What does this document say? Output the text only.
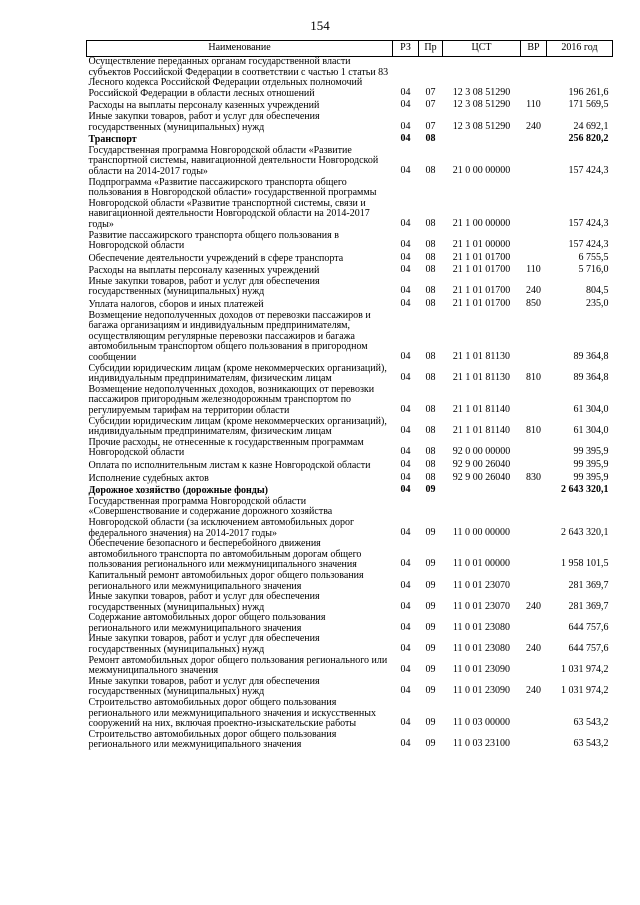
154
Наименование	РЗ	Пр	ЦСТ	ВР	2016 год
Осуществление переданных органам государственной власти субъектов Российской Федерации в соответствии с частью 1 статьи 83 Лесного кодекса Российской Федерации отдельных полномочий Российской Федерации в области лесных отношений	04	07	12 3 08 51290		196 261,6
Расходы на выплаты персоналу казенных учреждений	04	07	12 3 08 51290	110	171 569,5
Иные закупки товаров, работ и услуг для обеспечения государственных (муниципальных) нужд	04	07	12 3 08 51290	240	24 692,1
Транспорт	04	08			256 820,2
Государственная программа Новгородской области «Развитие транспортной системы, навигационной деятельности Новгородской области на 2014-2017 годы»	04	08	21 0 00 00000		157 424,3
Подпрограмма «Развитие пассажирского транспорта общего пользования в Новгородской области» государственной программы Новгородской области «Развитие транспортной системы, связи и навигационной деятельности Новгородской области на 2014-2017 годы»	04	08	21 1 00 00000		157 424,3
Развитие пассажирского транспорта общего пользования в Новгородской области	04	08	21 1 01 00000		157 424,3
Обеспечение деятельности учреждений в сфере транспорта	04	08	21 1 01 01700		6 755,5
Расходы на выплаты персоналу казенных учреждений	04	08	21 1 01 01700	110	5 716,0
Иные закупки товаров, работ и услуг для обеспечения государственных (муниципальных) нужд	04	08	21 1 01 01700	240	804,5
Уплата налогов, сборов и иных платежей	04	08	21 1 01 01700	850	235,0
Возмещение недополученных доходов от перевозки пассажиров и багажа организациям и индивидуальным предпринимателям, осуществляющим регулярные перевозки пассажиров и багажа автомобильным транспортом общего пользования в пригородном сообщении	04	08	21 1 01 81130		89 364,8
Субсидии юридическим лицам (кроме некоммерческих организаций), индивидуальным предпринимателям, физическим лицам	04	08	21 1 01 81130	810	89 364,8
Возмещение недополученных доходов, возникающих от перевозки пассажиров пригородным железнодорожным транспортом по регулируемым тарифам на территории области	04	08	21 1 01 81140		61 304,0
Субсидии юридическим лицам (кроме некоммерческих организаций), индивидуальным предпринимателям, физическим лицам	04	08	21 1 01 81140	810	61 304,0
Прочие расходы, не отнесенные к государственным программам Новгородской области	04	08	92 0 00 00000		99 395,9
Оплата по исполнительным листам к казне Новгородской области	04	08	92 9 00 26040		99 395,9
Исполнение судебных актов	04	08	92 9 00 26040	830	99 395,9
Дорожное хозяйство (дорожные фонды)	04	09			2 643 320,1
Государственная программа Новгородской области «Совершенствование и содержание дорожного хозяйства Новгородской области (за исключением автомобильных дорог федерального значения) на 2014-2017 годы»	04	09	11 0 00 00000		2 643 320,1
Обеспечение безопасного и бесперебойного движения автомобильного транспорта по автомобильным дорогам общего пользования регионального или межмуниципального значения	04	09	11 0 01 00000		1 958 101,5
Капитальный ремонт автомобильных дорог общего пользования регионального или межмуниципального значения	04	09	11 0 01 23070		281 369,7
Иные закупки товаров, работ и услуг для обеспечения государственных (муниципальных) нужд	04	09	11 0 01 23070	240	281 369,7
Содержание автомобильных дорог общего пользования регионального или межмуниципального значения	04	09	11 0 01 23080		644 757,6
Иные закупки товаров, работ и услуг для обеспечения государственных (муниципальных) нужд	04	09	11 0 01 23080	240	644 757,6
Ремонт автомобильных дорог общего пользования регионального или межмуниципального значения	04	09	11 0 01 23090		1 031 974,2
Иные закупки товаров, работ и услуг для обеспечения государственных (муниципальных) нужд	04	09	11 0 01 23090	240	1 031 974,2
Строительство автомобильных дорог общего пользования регионального или межмуниципального значения и искусственных сооружений на них, включая проектно-изыскательские работы	04	09	11 0 03 00000		63 543,2
Строительство автомобильных дорог общего пользования регионального или межмуниципального значения	04	09	11 0 03 23100		63 543,2
